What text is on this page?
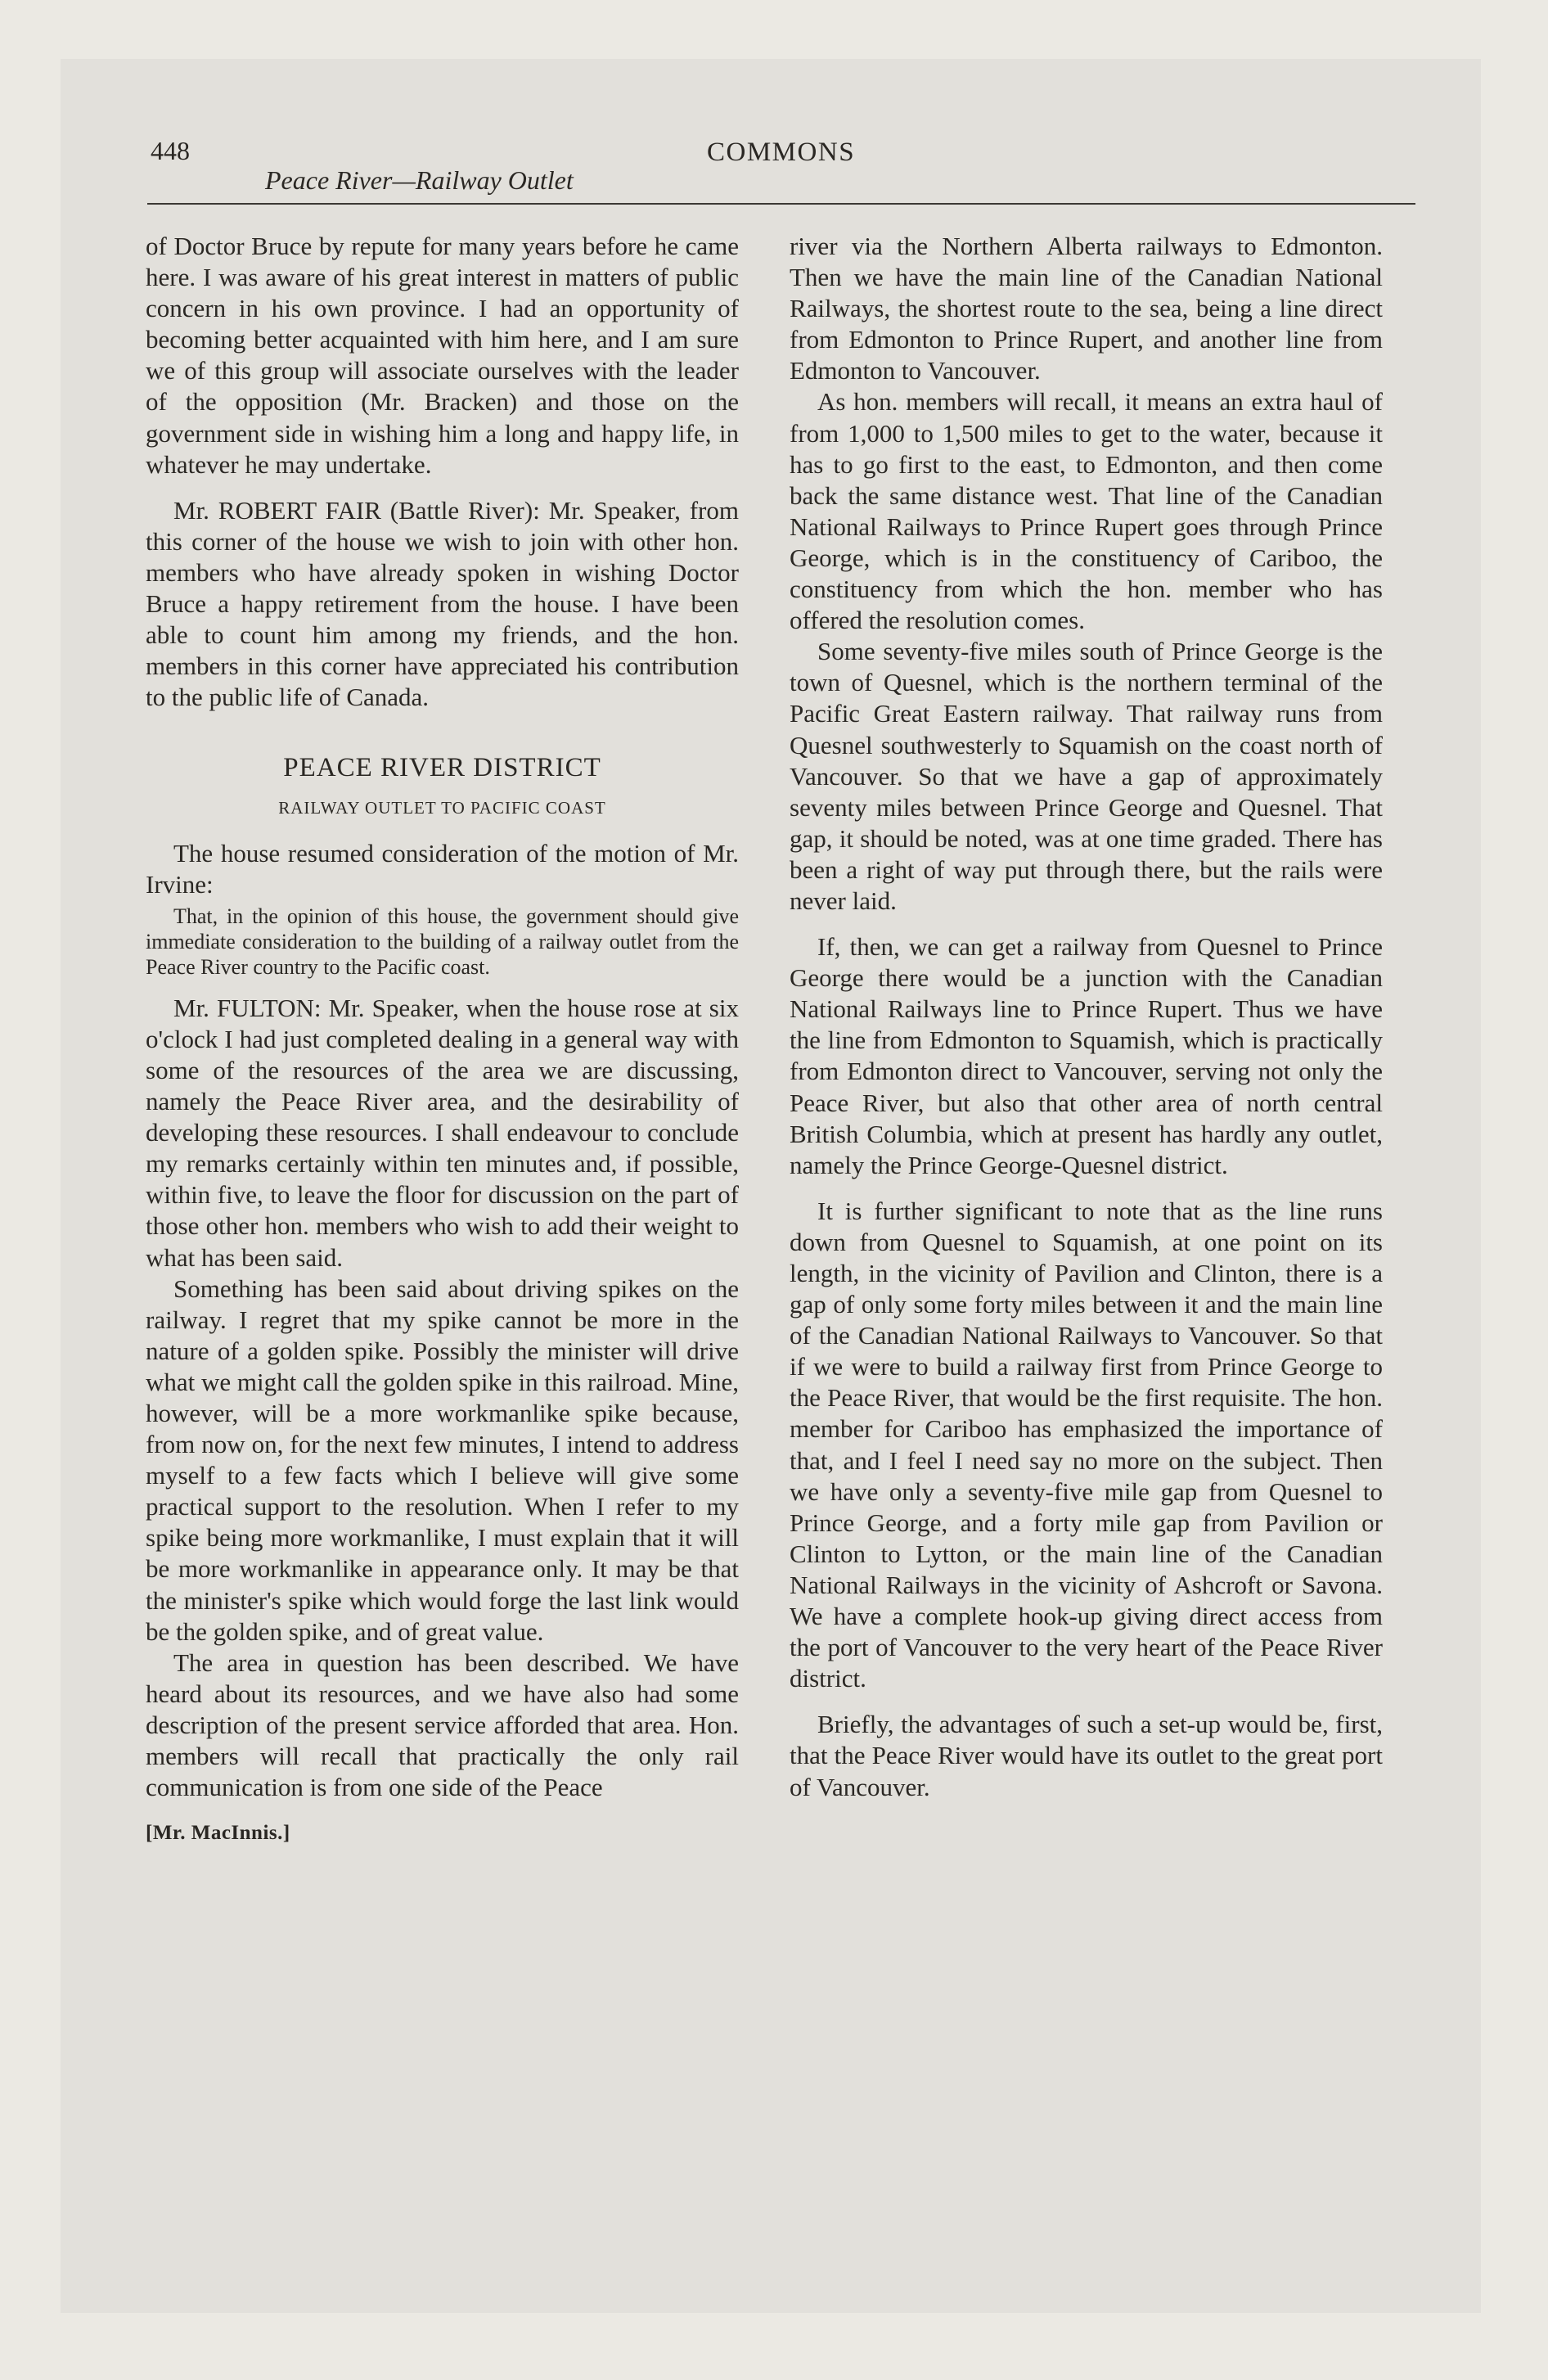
448	COMMONS
Peace River—Railway Outlet

of Doctor Bruce by repute for many years before he came here. I was aware of his great interest in matters of public concern in his own province. I had an opportunity of becoming better acquainted with him here, and I am sure we of this group will associate ourselves with the leader of the opposition (Mr. Bracken) and those on the government side in wishing him a long and happy life, in whatever he may undertake.

Mr. ROBERT FAIR (Battle River): Mr. Speaker, from this corner of the house we wish to join with other hon. members who have already spoken in wishing Doctor Bruce a happy retirement from the house. I have been able to count him among my friends, and the hon. members in this corner have appreciated his contribution to the public life of Canada.

PEACE RIVER DISTRICT
RAILWAY OUTLET TO PACIFIC COAST

The house resumed consideration of the motion of Mr. Irvine:

That, in the opinion of this house, the government should give immediate consideration to the building of a railway outlet from the Peace River country to the Pacific coast.

Mr. FULTON: Mr. Speaker, when the house rose at six o'clock I had just completed dealing in a general way with some of the resources of the area we are discussing, namely the Peace River area, and the desirability of developing these resources. I shall endeavour to conclude my remarks certainly within ten minutes and, if possible, within five, to leave the floor for discussion on the part of those other hon. members who wish to add their weight to what has been said.

Something has been said about driving spikes on the railway. I regret that my spike cannot be more in the nature of a golden spike. Possibly the minister will drive what we might call the golden spike in this railroad. Mine, however, will be a more workmanlike spike because, from now on, for the next few minutes, I intend to address myself to a few facts which I believe will give some practical support to the resolution. When I refer to my spike being more workmanlike, I must explain that it will be more workmanlike in appearance only. It may be that the minister's spike which would forge the last link would be the golden spike, and of great value.

The area in question has been described. We have heard about its resources, and we have also had some description of the present service afforded that area. Hon. members will recall that practically the only rail communication is from one side of the Peace

[Mr. MacInnis.]

river via the Northern Alberta railways to Edmonton. Then we have the main line of the Canadian National Railways, the shortest route to the sea, being a line direct from Edmonton to Prince Rupert, and another line from Edmonton to Vancouver.

As hon. members will recall, it means an extra haul of from 1,000 to 1,500 miles to get to the water, because it has to go first to the east, to Edmonton, and then come back the same distance west. That line of the Canadian National Railways to Prince Rupert goes through Prince George, which is in the constituency of Cariboo, the constituency from which the hon. member who has offered the resolution comes.

Some seventy-five miles south of Prince George is the town of Quesnel, which is the northern terminal of the Pacific Great Eastern railway. That railway runs from Quesnel southwesterly to Squamish on the coast north of Vancouver. So that we have a gap of approximately seventy miles between Prince George and Quesnel. That gap, it should be noted, was at one time graded. There has been a right of way put through there, but the rails were never laid.

If, then, we can get a railway from Quesnel to Prince George there would be a junction with the Canadian National Railways line to Prince Rupert. Thus we have the line from Edmonton to Squamish, which is practically from Edmonton direct to Vancouver, serving not only the Peace River, but also that other area of north central British Columbia, which at present has hardly any outlet, namely the Prince George-Quesnel district.

It is further significant to note that as the line runs down from Quesnel to Squamish, at one point on its length, in the vicinity of Pavilion and Clinton, there is a gap of only some forty miles between it and the main line of the Canadian National Railways to Vancouver. So that if we were to build a railway first from Prince George to the Peace River, that would be the first requisite. The hon. member for Cariboo has emphasized the importance of that, and I feel I need say no more on the subject. Then we have only a seventy-five mile gap from Quesnel to Prince George, and a forty mile gap from Pavilion or Clinton to Lytton, or the main line of the Canadian National Railways in the vicinity of Ashcroft or Savona. We have a complete hook-up giving direct access from the port of Vancouver to the very heart of the Peace River district.

Briefly, the advantages of such a set-up would be, first, that the Peace River would have its outlet to the great port of Vancouver.
